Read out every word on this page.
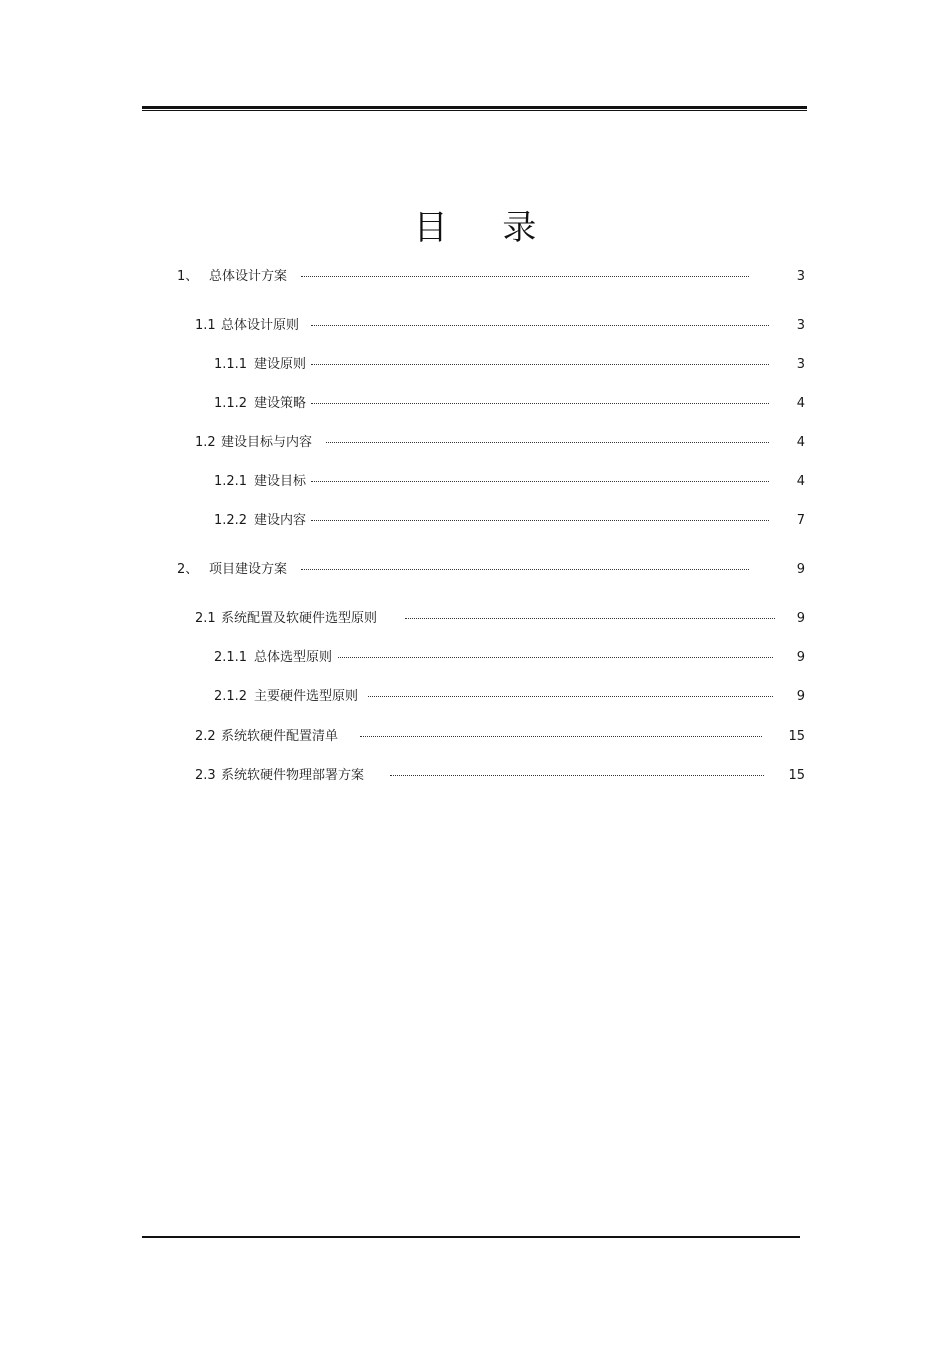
目 录
1、 总体设计方案	3
1.1 总体设计原则	3
1.1.1 建设原则	3
1.1.2 建设策略	4
1.2 建设目标与内容	4
1.2.1 建设目标	4
1.2.2 建设内容	7
2、 项目建设方案	9
2.1 系统配置及软硬件选型原则	9
2.1.1 总体选型原则	9
2.1.2 主要硬件选型原则	9
2.2 系统软硬件配置清单	15
2.3 系统软硬件物理部署方案	15
